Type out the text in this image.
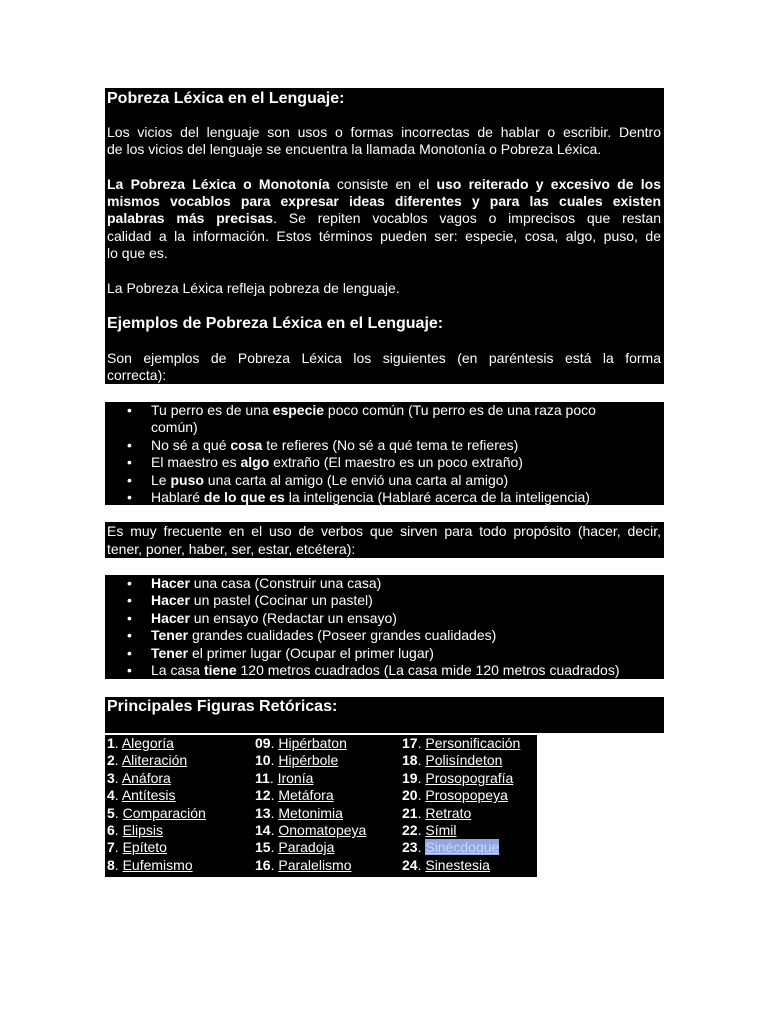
Pobreza Léxica en el Lenguaje:
Los vicios del lenguaje son usos o formas incorrectas de hablar o escribir. Dentro
de los vicios del lenguaje se encuentra la llamada Monotonía o Pobreza Léxica.
La Pobreza Léxica o Monotonía consiste en el uso reiterado y excesivo de los
mismos vocablos para expresar ideas diferentes y para las cuales existen
palabras más precisas. Se repiten vocablos vagos o imprecisos que restan
calidad a la información. Estos términos pueden ser: especie, cosa, algo, puso, de
lo que es.
La Pobreza Léxica refleja pobreza de lenguaje.
Ejemplos de Pobreza Léxica en el Lenguaje:
Son ejemplos de Pobreza Léxica los siguientes (en paréntesis está la forma
correcta):
• Tu perro es de una especie poco común (Tu perro es de una raza poco
común)
• No sé a qué cosa te refieres (No sé a qué tema te refieres)
• El maestro es algo extraño (El maestro es un poco extraño)
• Le puso una carta al amigo (Le envió una carta al amigo)
• Hablaré de lo que es la inteligencia (Hablaré acerca de la inteligencia)
Es muy frecuente en el uso de verbos que sirven para todo propósito (hacer, decir,
tener, poner, haber, ser, estar, etcétera):
• Hacer una casa (Construir una casa)
• Hacer un pastel (Cocinar un pastel)
• Hacer un ensayo (Redactar un ensayo)
• Tener grandes cualidades (Poseer grandes cualidades)
• Tener el primer lugar (Ocupar el primer lugar)
• La casa tiene 120 metros cuadrados (La casa mide 120 metros cuadrados)
Principales Figuras Retóricas:
1. Alegoría
2. Aliteración
3. Anáfora
4. Antítesis
5. Comparación
6. Elipsis
7. Epíteto
8. Eufemismo
09. Hipérbaton
10. Hipérbole
11. Ironía
12. Metáfora
13. Metonimia
14. Onomatopeya
15. Paradoja
16. Paralelismo
17. Personificación
18. Polisíndeton
19. Prosopografía
20. Prosopopeya
21. Retrato
22. Símil
23. Sinécdoque
24. Sinestesia
